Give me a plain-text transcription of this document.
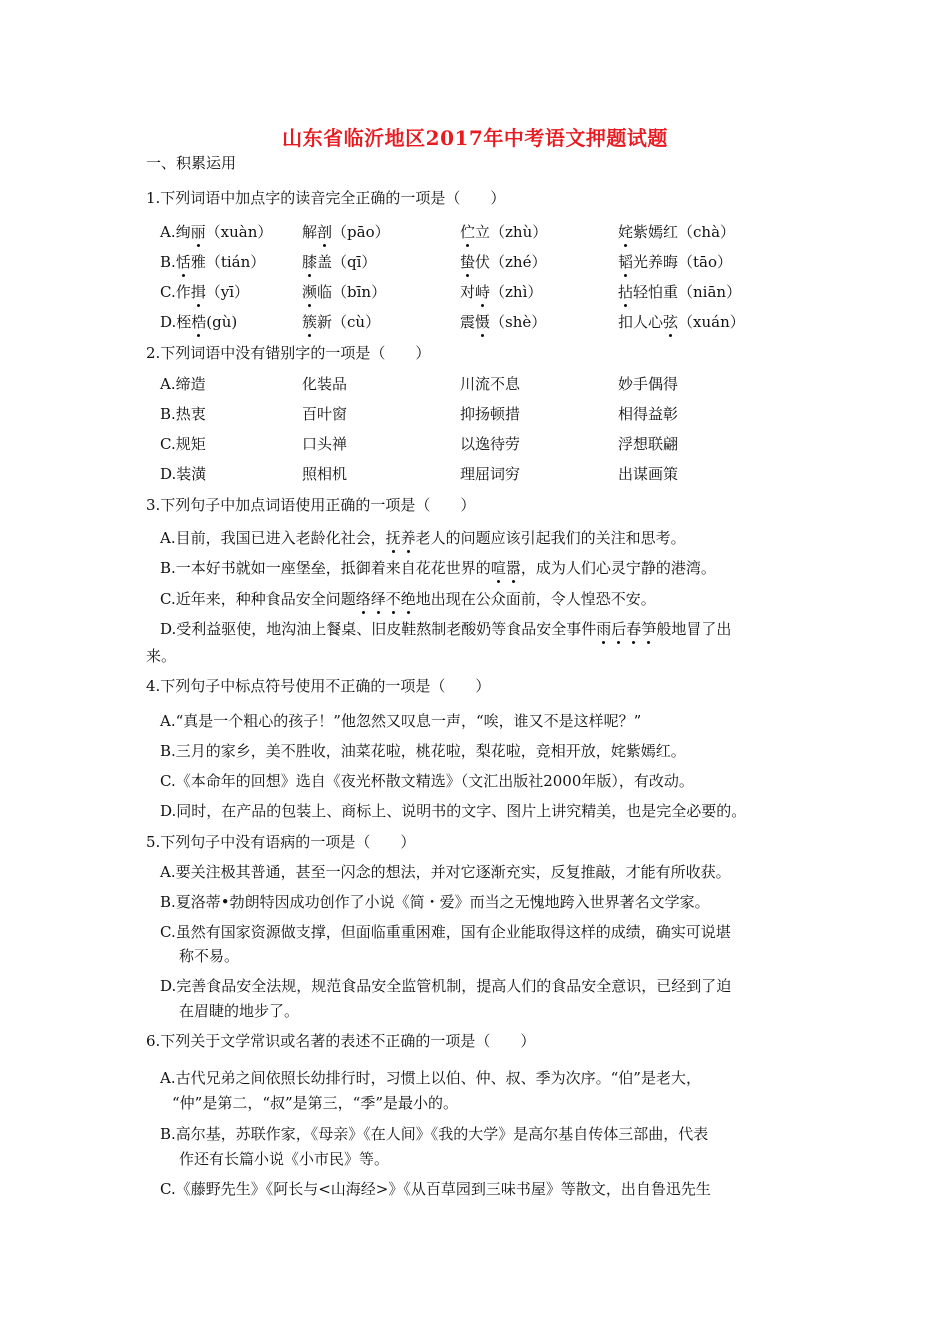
山东省临沂地区2017年中考语文押题试题
一、积累运用
1.下列词语中加点字的读音完全正确的一项是（　　）
A.绚丽（xuàn） 解剖（pāo）	伫立（zhù）	姹紫嫣红（chà）
B.恬雅（tián） 膝盖（qī）	蛰伏（zhé）	韬光养晦（tāo）
C.作揖（yī）	濒临（bīn）	对峙（zhì）	拈轻怕重（niān）
D.桎梏(gù)	簇新（cù）	震慑（shè）	扣人心弦（xuán）
2.下列词语中没有错别字的一项是（　　）
A.缔造	化装品	川流不息	妙手偶得
B.热衷	百叶窗	抑扬顿措	相得益彰
C.规矩	口头禅	以逸待劳	浮想联翩
D.装潢	照相机	理屈词穷	出谋画策
3.下列句子中加点词语使用正确的一项是（　　）
A.目前，我国已进入老龄化社会，抚养老人的问题应该引起我们的关注和思考。
B.一本好书就如一座堡垒，抵御着来自花花世界的喧嚣，成为人们心灵宁静的港湾。
C.近年来，种种食品安全问题络绎不绝地出现在公众面前，令人惶恐不安。
D.受利益驱使，地沟油上餐桌、旧皮鞋熬制老酸奶等食品安全事件雨后春笋般地冒了出
来。
4.下列句子中标点符号使用不正确的一项是（　　）
A.“真是一个粗心的孩子！”他忽然又叹息一声，“唉，谁又不是这样呢？”
B.三月的家乡，美不胜收，油菜花啦，桃花啦，梨花啦，竞相开放，姹紫嫣红。
C.《本命年的回想》选自《夜光杯散文精选》（文汇出版社2000年版），有改动。
D.同时，在产品的包装上、商标上、说明书的文字、图片上讲究精美，也是完全必要的。
5.下列句子中没有语病的一项是（　　）
A.要关注极其普通，甚至一闪念的想法，并对它逐渐充实，反复推敲，才能有所收获。
B.夏洛蒂•勃朗特因成功创作了小说《简・爱》而当之无愧地跨入世界著名文学家。
C.虽然有国家资源做支撑，但面临重重困难，国有企业能取得这样的成绩，确实可说堪
称不易。
D.完善食品安全法规，规范食品安全监管机制，提高人们的食品安全意识，已经到了迫
在眉睫的地步了。
6.下列关于文学常识或名著的表述不正确的一项是（　　）
A.古代兄弟之间依照长幼排行时，习惯上以伯、仲、叔、季为次序。“伯”是老大，
“仲”是第二，“叔”是第三，“季”是最小的。
B.高尔基，苏联作家，《母亲》《在人间》《我的大学》是高尔基自传体三部曲，代表
作还有长篇小说《小市民》等。
C.《藤野先生》《阿长与<山海经>》《从百草园到三味书屋》等散文，出自鲁迅先生
